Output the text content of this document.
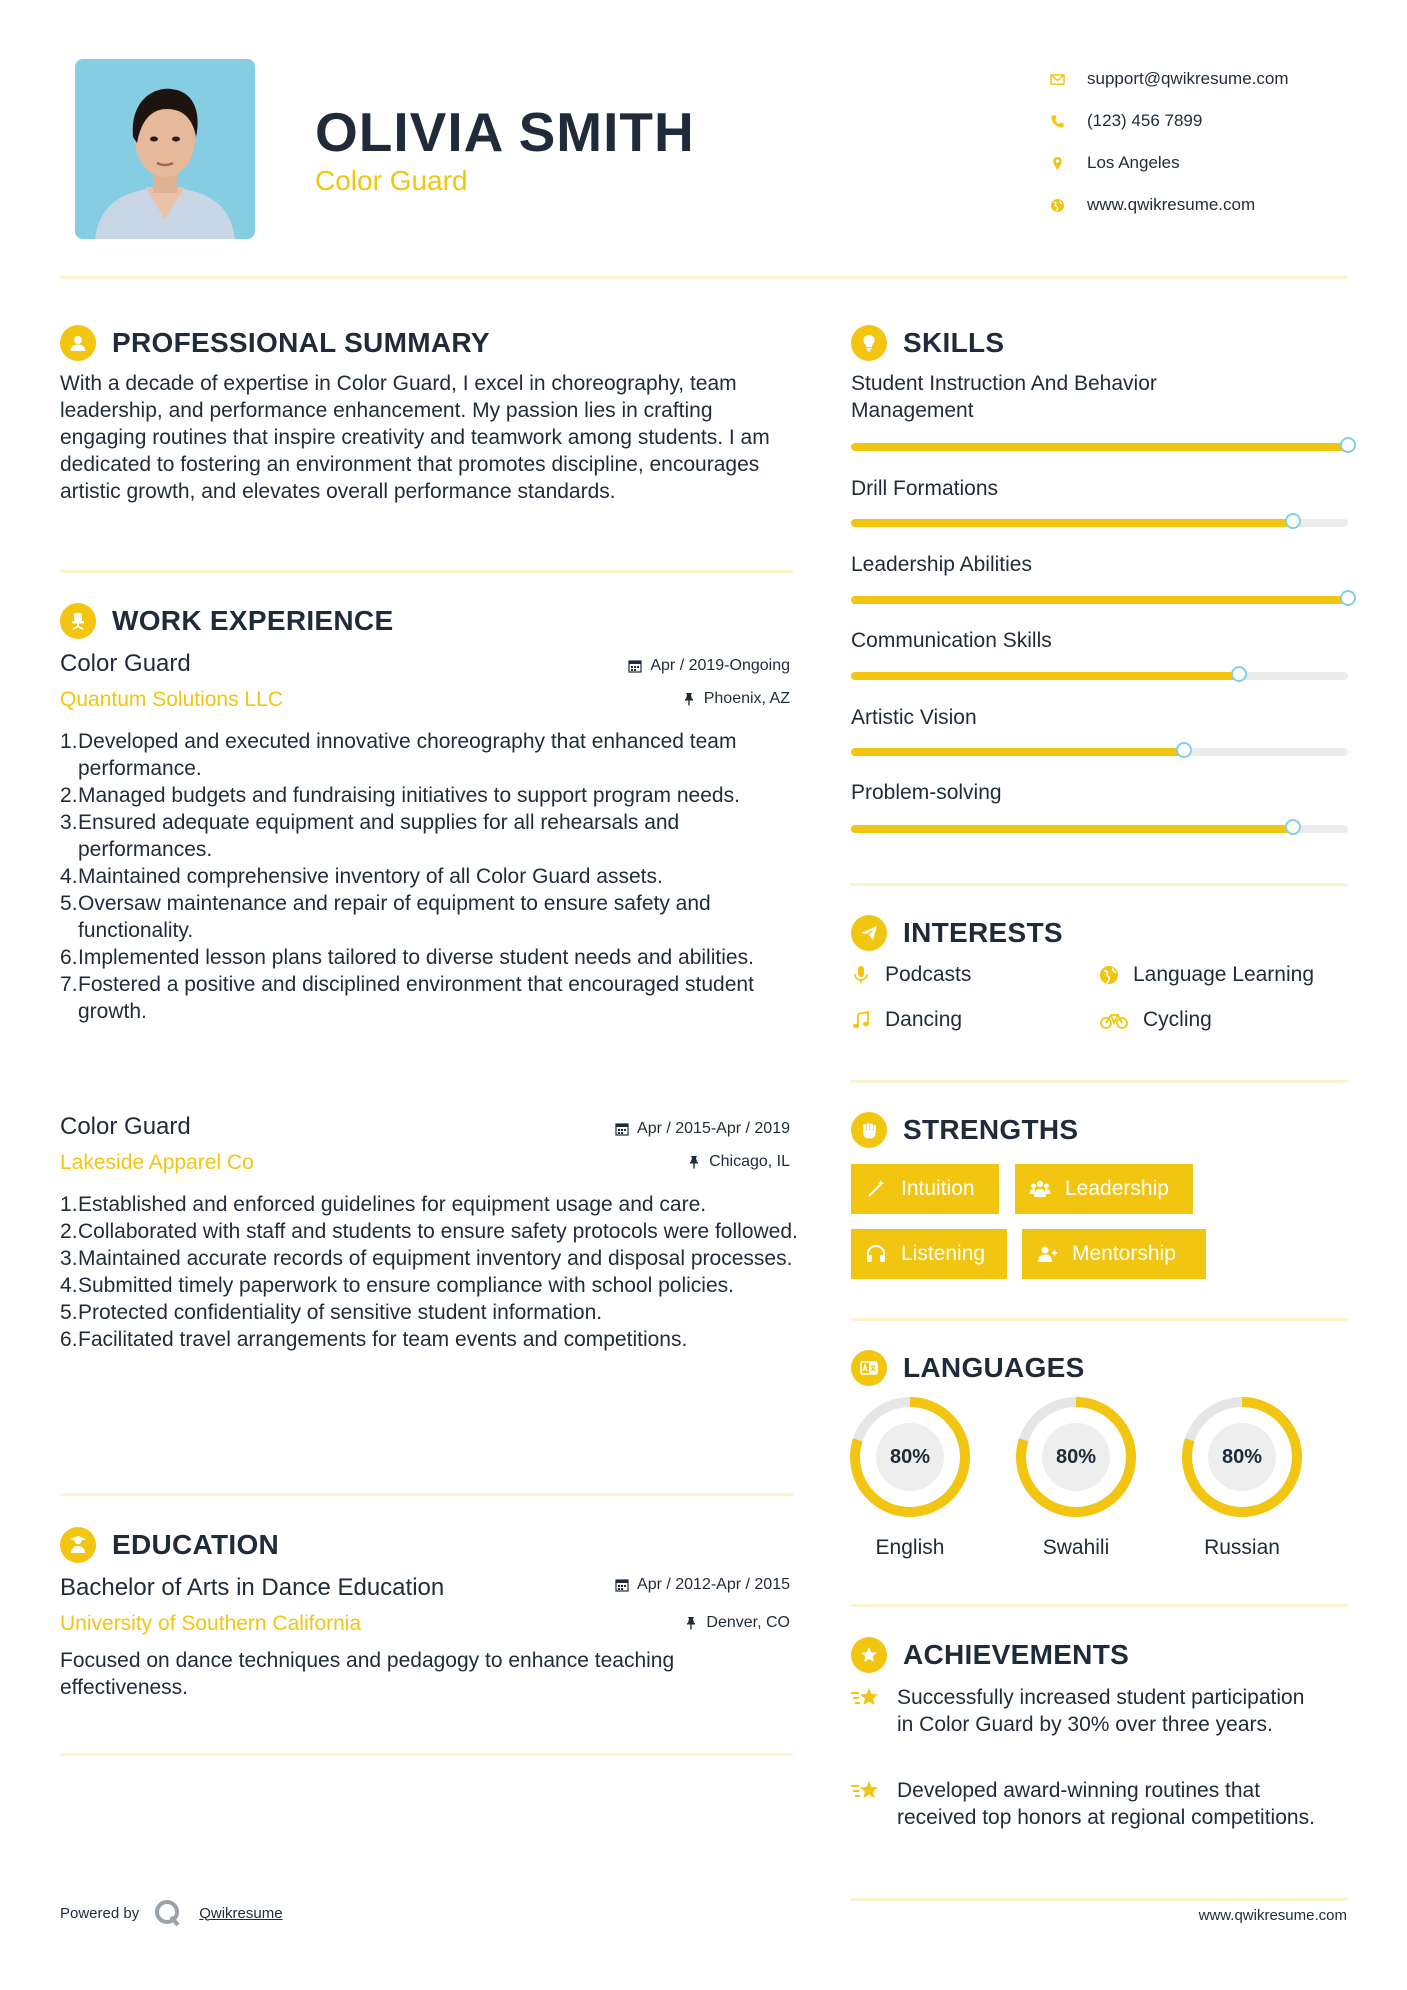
OLIVIA SMITH
Color Guard
support@qwikresume.com
(123) 456 7899
Los Angeles
www.qwikresume.com
PROFESSIONAL SUMMARY
With a decade of expertise in Color Guard, I excel in choreography, team leadership, and performance enhancement. My passion lies in crafting engaging routines that inspire creativity and teamwork among students. I am dedicated to fostering an environment that promotes discipline, encourages artistic growth, and elevates overall performance standards.
WORK EXPERIENCE
Color Guard	Apr / 2019-Ongoing
Quantum Solutions LLC	Phoenix, AZ
Developed and executed innovative choreography that enhanced team performance.
Managed budgets and fundraising initiatives to support program needs.
Ensured adequate equipment and supplies for all rehearsals and performances.
Maintained comprehensive inventory of all Color Guard assets.
Oversaw maintenance and repair of equipment to ensure safety and functionality.
Implemented lesson plans tailored to diverse student needs and abilities.
Fostered a positive and disciplined environment that encouraged student growth.
Color Guard	Apr / 2015-Apr / 2019
Lakeside Apparel Co	Chicago, IL
Established and enforced guidelines for equipment usage and care.
Collaborated with staff and students to ensure safety protocols were followed.
Maintained accurate records of equipment inventory and disposal processes.
Submitted timely paperwork to ensure compliance with school policies.
Protected confidentiality of sensitive student information.
Facilitated travel arrangements for team events and competitions.
EDUCATION
Bachelor of Arts in Dance Education	Apr / 2012-Apr / 2015
University of Southern California	Denver, CO
Focused on dance techniques and pedagogy to enhance teaching effectiveness.
SKILLS
Student Instruction And Behavior Management
Drill Formations
Leadership Abilities
Communication Skills
Artistic Vision
Problem-solving
INTERESTS
Podcasts	Language Learning
Dancing	Cycling
STRENGTHS
Intuition	Leadership
Listening	Mentorship
LANGUAGES
80%
English
80%
Swahili
80%
Russian
ACHIEVEMENTS
Successfully increased student participation in Color Guard by 30% over three years.
Developed award-winning routines that received top honors at regional competitions.
Powered by	Qwikresume	www.qwikresume.com
